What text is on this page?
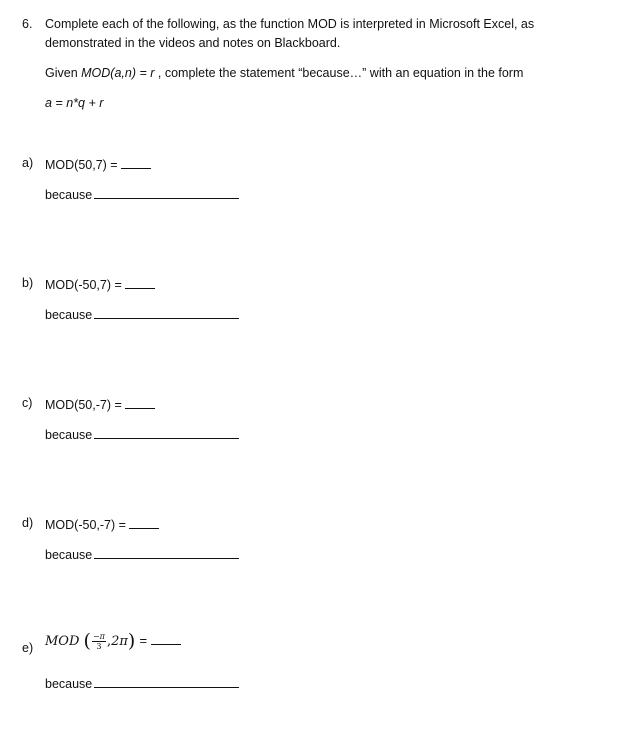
6. Complete each of the following, as the function MOD is interpreted in Microsoft Excel, as
demonstrated in the videos and notes on Blackboard.
Given MOD(a,n) = r , complete the statement “because…” with an equation in the form
a = n*q + r
a) MOD(50,7) =
because
b) MOD(-50,7) =
because
c) MOD(50,-7) =
because
d) MOD(-50,-7) =
because
e) MOD ( $\frac{-\pi}{3} ,2\pi$) =
because
